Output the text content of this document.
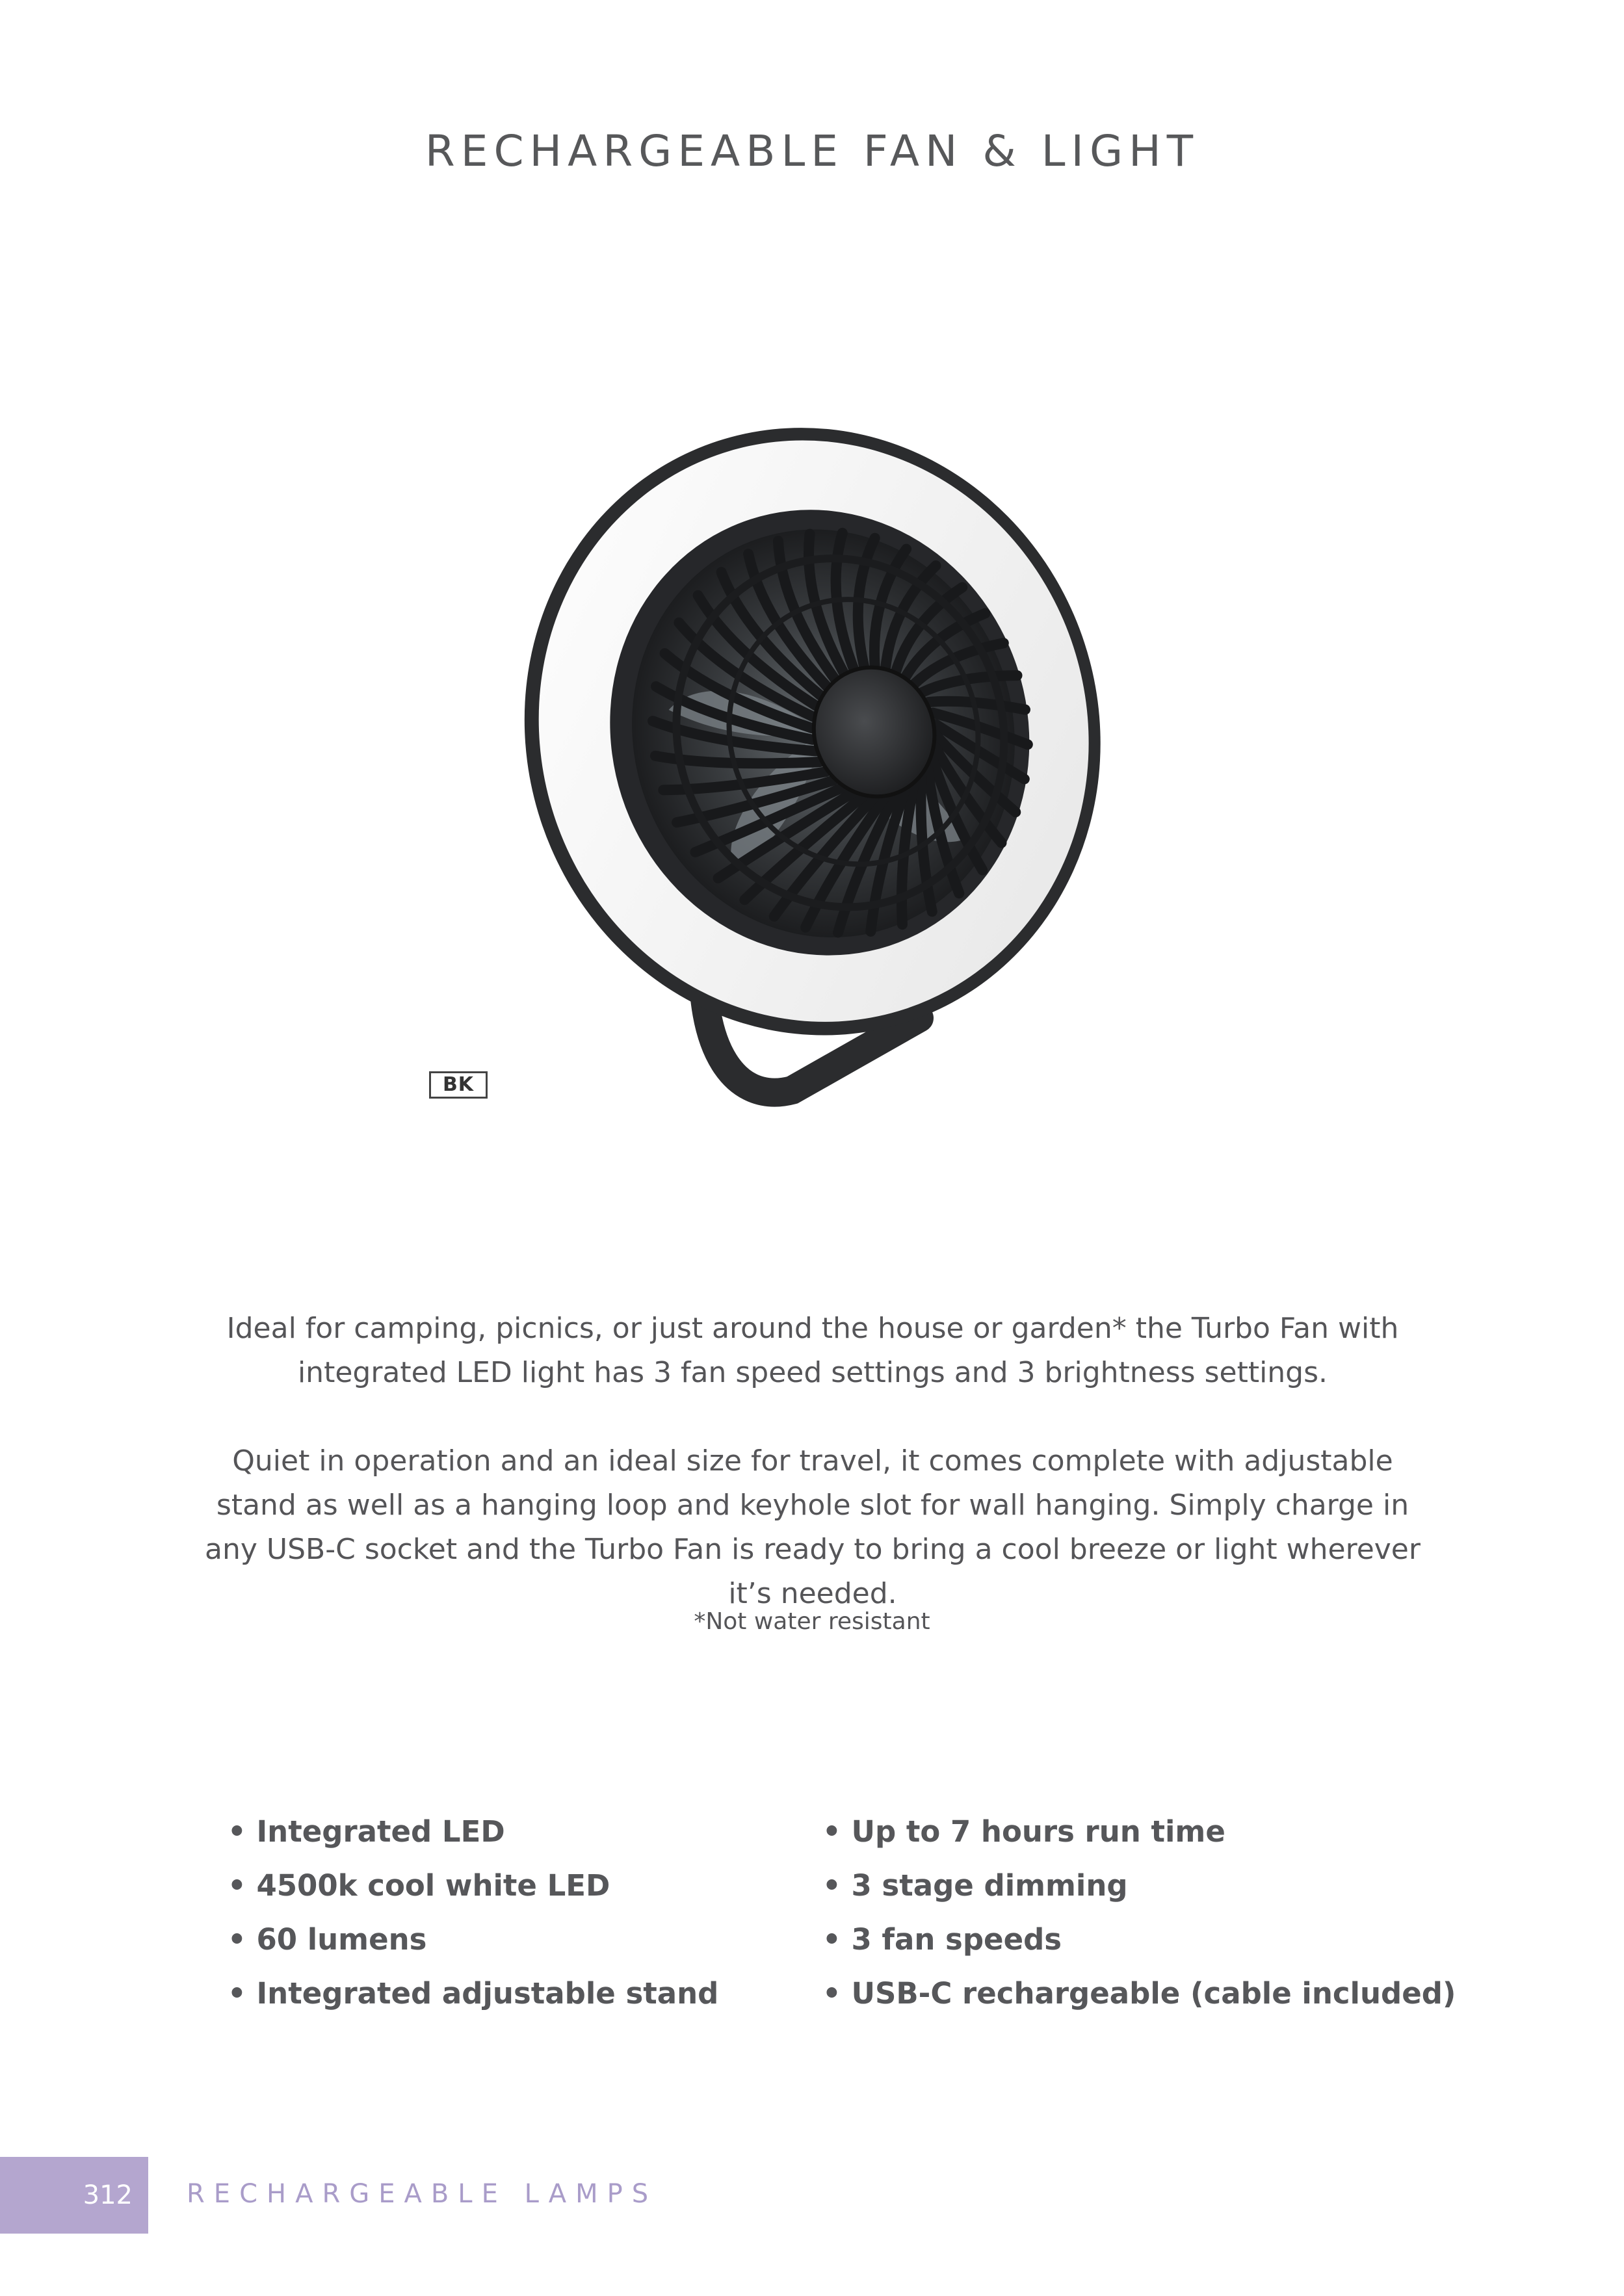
RECHARGEABLE FAN & LIGHT
BK

Ideal for camping, picnics, or just around the house or garden* the Turbo Fan with integrated LED light has 3 fan speed settings and 3 brightness settings.

Quiet in operation and an ideal size for travel, it comes complete with adjustable stand as well as a hanging loop and keyhole slot for wall hanging. Simply charge in any USB-C socket and the Turbo Fan is ready to bring a cool breeze or light wherever it’s needed.

*Not water resistant

• Integrated LED
• 4500k cool white LED
• 60 lumens
• Integrated adjustable stand
• Up to 7 hours run time
• 3 stage dimming
• 3 fan speeds
• USB-C rechargeable (cable included)
312 RECHARGEABLE LAMPS
